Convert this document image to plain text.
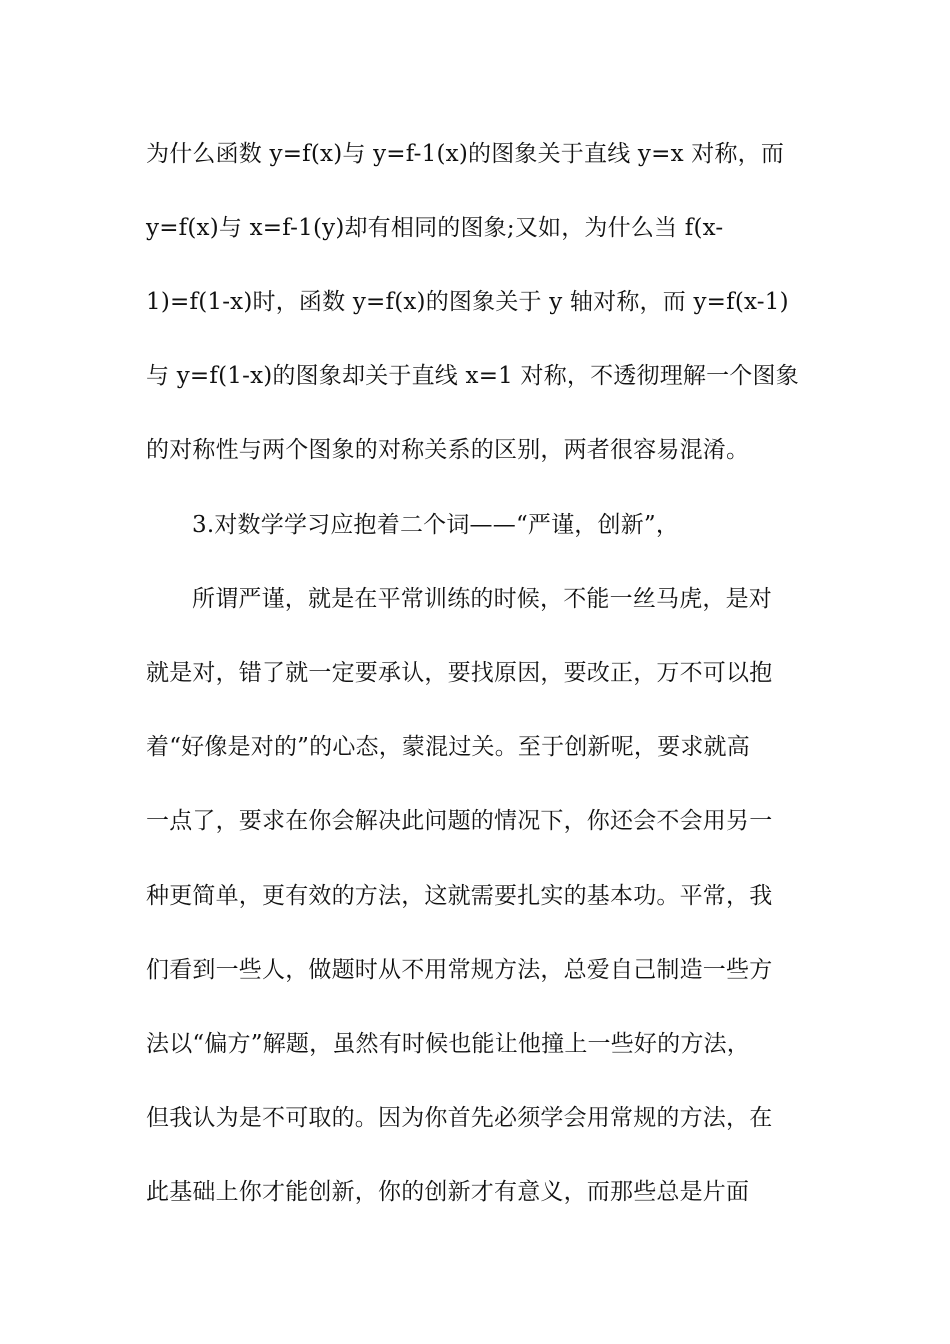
为什么函数 y=f(x)与 y=f-1(x)的图象关于直线 y=x 对称，而
y=f(x)与 x=f-1(y)却有相同的图象;又如，为什么当 f(x-
1)=f(1-x)时，函数 y=f(x)的图象关于 y 轴对称，而 y=f(x-1)
与 y=f(1-x)的图象却关于直线 x=1 对称，不透彻理解一个图象
的对称性与两个图象的对称关系的区别，两者很容易混淆。
3.对数学学习应抱着二个词——“严谨，创新”，
所谓严谨，就是在平常训练的时候，不能一丝马虎，是对
就是对，错了就一定要承认，要找原因，要改正，万不可以抱
着“好像是对的”的心态，蒙混过关。至于创新呢，要求就高
一点了，要求在你会解决此问题的情况下，你还会不会用另一
种更简单，更有效的方法，这就需要扎实的基本功。平常，我
们看到一些人，做题时从不用常规方法，总爱自己制造一些方
法以“偏方”解题，虽然有时候也能让他撞上一些好的方法，
但我认为是不可取的。因为你首先必须学会用常规的方法，在
此基础上你才能创新，你的创新才有意义，而那些总是片面
